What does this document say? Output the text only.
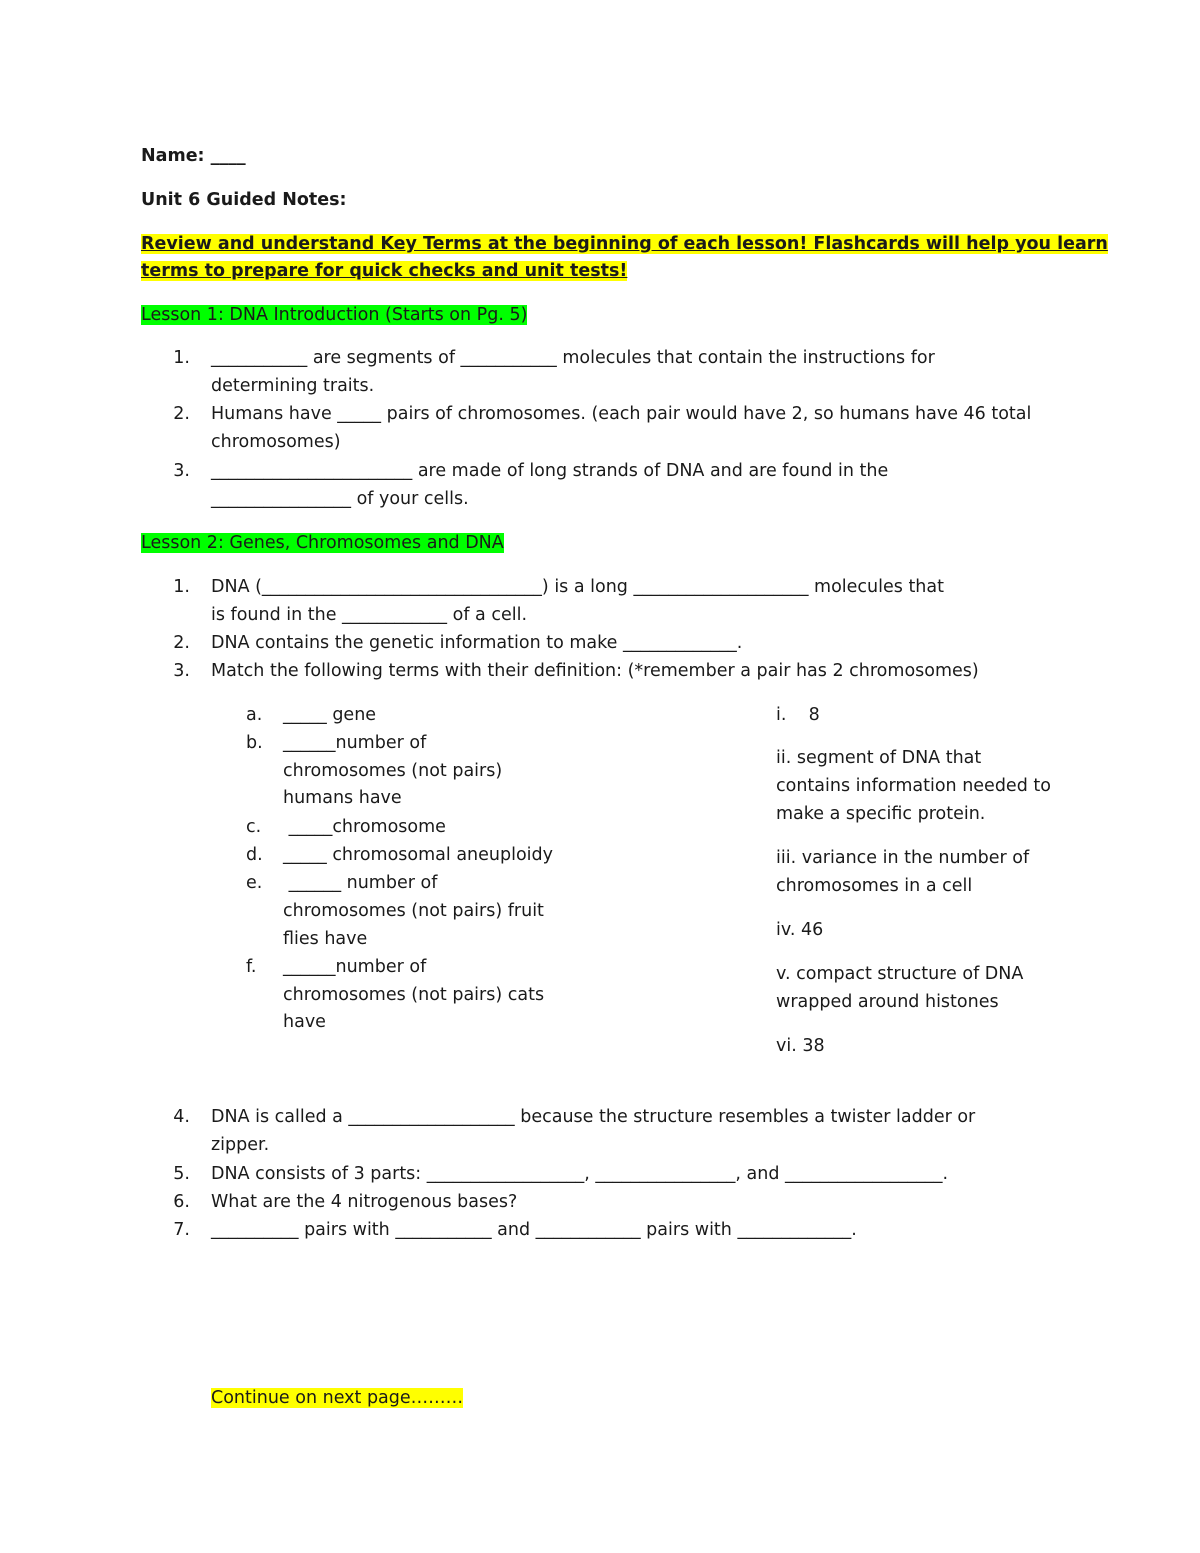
Name: ____
Unit 6 Guided Notes:
Review and understand Key Terms at the beginning of each lesson! Flashcards will help you learn
terms to prepare for quick checks and unit tests!
Lesson 1: DNA Introduction (Starts on Pg. 5)
1. ___________ are segments of ___________ molecules that contain the instructions for
determining traits.
2. Humans have _____ pairs of chromosomes. (each pair would have 2, so humans have 46 total
chromosomes)
3. _______________________ are made of long strands of DNA and are found in the
________________ of your cells.
Lesson 2: Genes, Chromosomes and DNA
1. DNA (________________________________) is a long ____________________ molecules that
is found in the ____________ of a cell.
2. DNA contains the genetic information to make _____________.
3. Match the following terms with their definition: (*remember a pair has 2 chromosomes)
a.	_____ gene
b.	______number of
chromosomes (not pairs)
humans have
c.	_____chromosome
d.	_____ chromosomal aneuploidy
e.	______ number of
chromosomes (not pairs) fruit
flies have
f.	______number of
chromosomes (not pairs) cats
have
i.    8
ii. segment of DNA that
contains information needed to
make a specific protein.
iii. variance in the number of
chromosomes in a cell
iv. 46
v. compact structure of DNA
wrapped around histones
vi. 38
4. DNA is called a ___________________ because the structure resembles a twister ladder or
zipper.
5. DNA consists of 3 parts: __________________, ________________, and __________________.
6. What are the 4 nitrogenous bases?
7. __________ pairs with ___________ and ____________ pairs with _____________.
Continue on next page………
